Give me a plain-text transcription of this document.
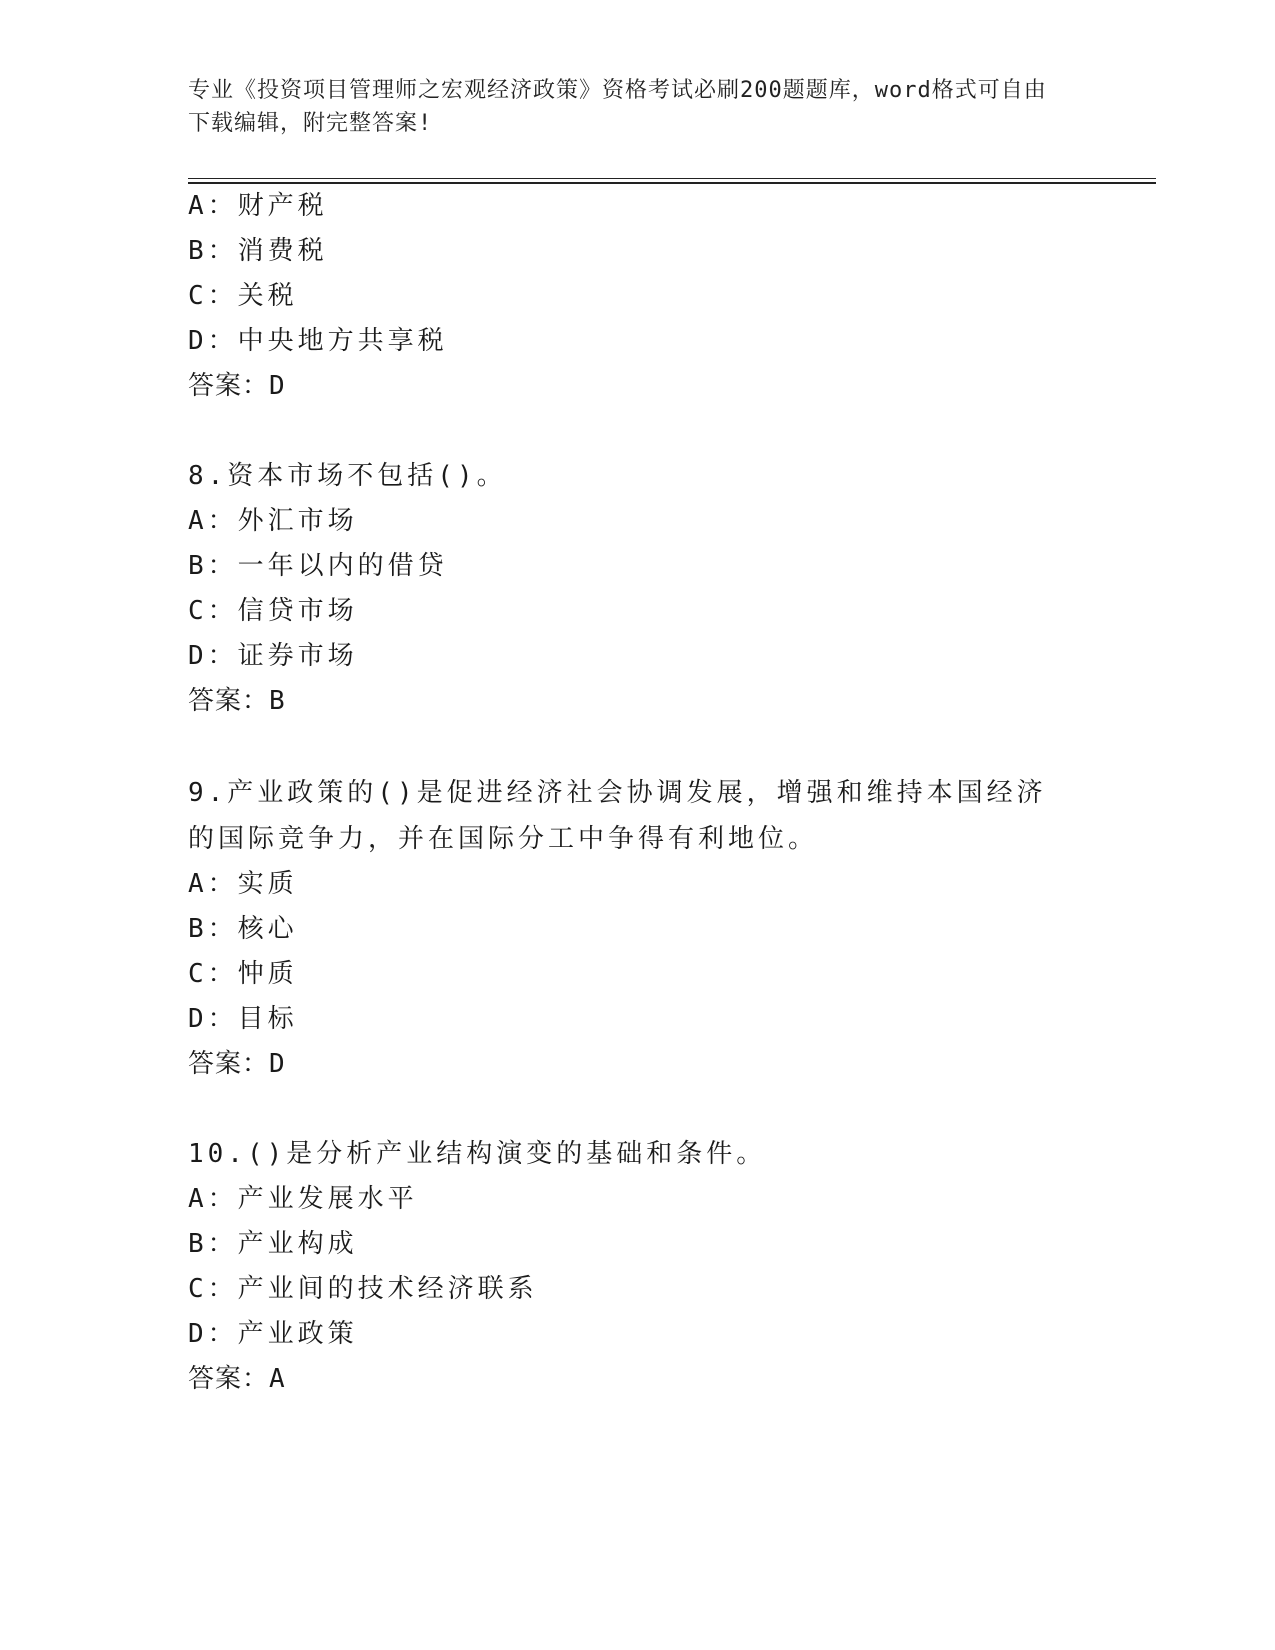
专业《投资项目管理师之宏观经济政策》资格考试必刷200题题库，word格式可自由下载编辑，附完整答案!
A：财产税
B：消费税
C：关税
D：中央地方共享税
答案：D
8.资本市场不包括()。
A：外汇市场
B：一年以内的借贷
C：信贷市场
D：证券市场
答案：B
9.产业政策的()是促进经济社会协调发展，增强和维持本国经济的国际竞争力，并在国际分工中争得有利地位。
A：实质
B：核心
C：忡质
D：目标
答案：D
10.()是分析产业结构演变的基础和条件。
A：产业发展水平
B：产业构成
C：产业间的技术经济联系
D：产业政策
答案：A
